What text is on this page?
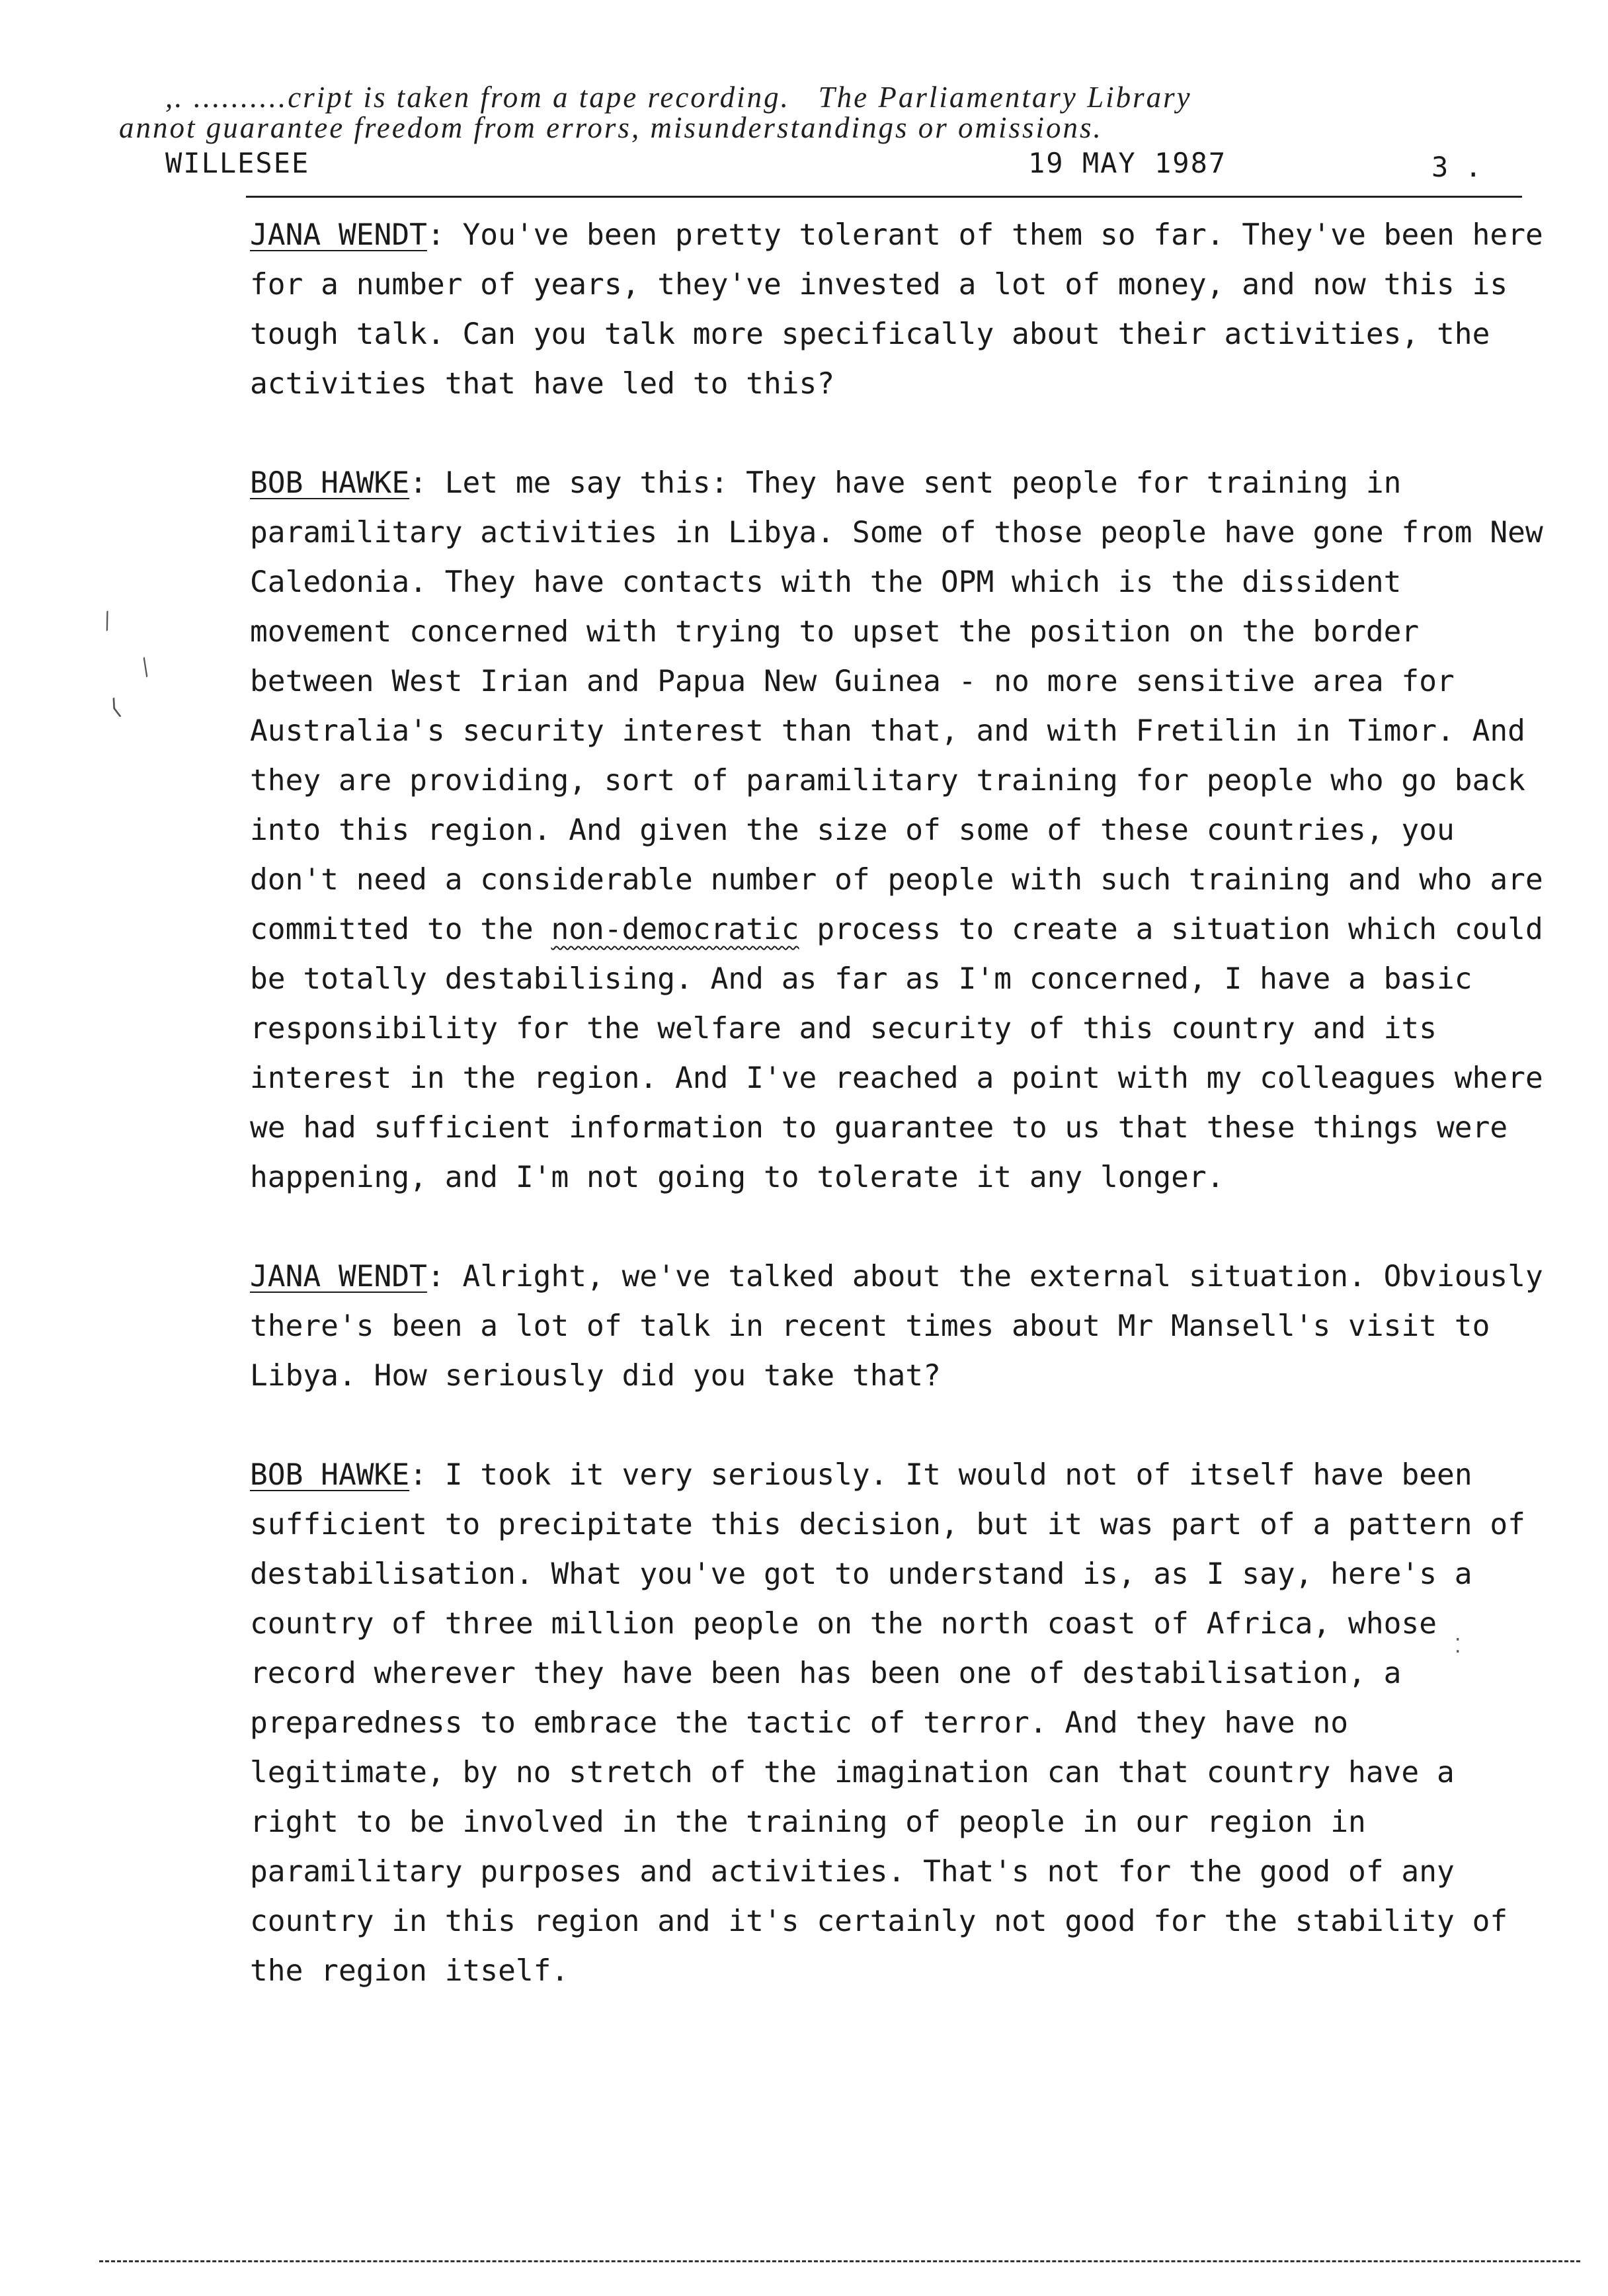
,. ..........cript is taken from a tape recording.   The Parliamentary Library

annot guarantee freedom from errors, misunderstandings or omissions.
WILLESEE	19 MAY 1987	3 .

JANA WENDT: You've been pretty tolerant of them so far. They've been here for a number of years, they've invested a lot of money, and now this is tough talk. Can you talk more specifically about their activities, the activities that have led to this?

BOB HAWKE: Let me say this: They have sent people for training in paramilitary activities in Libya. Some of those people have gone from New Caledonia. They have contacts with the OPM which is the dissident movement concerned with trying to upset the position on the border between West Irian and Papua New Guinea - no more sensitive area for Australia's security interest than that, and with Fretilin in Timor. And they are providing, sort of paramilitary training for people who go back into this region. And given the size of some of these countries, you don't need a considerable number of people with such training and who are committed to the non-democratic process to create a situation which could be totally destabilising. And as far as I'm concerned, I have a basic responsibility for the welfare and security of this country and its interest in the region. And I've reached a point with my colleagues where we had sufficient information to guarantee to us that these things were happening, and I'm not going to tolerate it any longer.

JANA WENDT: Alright, we've talked about the external situation. Obviously there's been a lot of talk in recent times about Mr Mansell's visit to Libya. How seriously did you take that?

BOB HAWKE: I took it very seriously. It would not of itself have been sufficient to precipitate this decision, but it was part of a pattern of destabilisation. What you've got to understand is, as I say, here's a country of three million people on the north coast of Africa, whose record wherever they have been has been one of destabilisation, a preparedness to embrace the tactic of terror. And they have no legitimate, by no stretch of the imagination can that country have a right to be involved in the training of people in our region in paramilitary purposes and activities. That's not for the good of any country in this region and it's certainly not good for the stability of the region itself.

⁄
⁄
⟨
⁚
